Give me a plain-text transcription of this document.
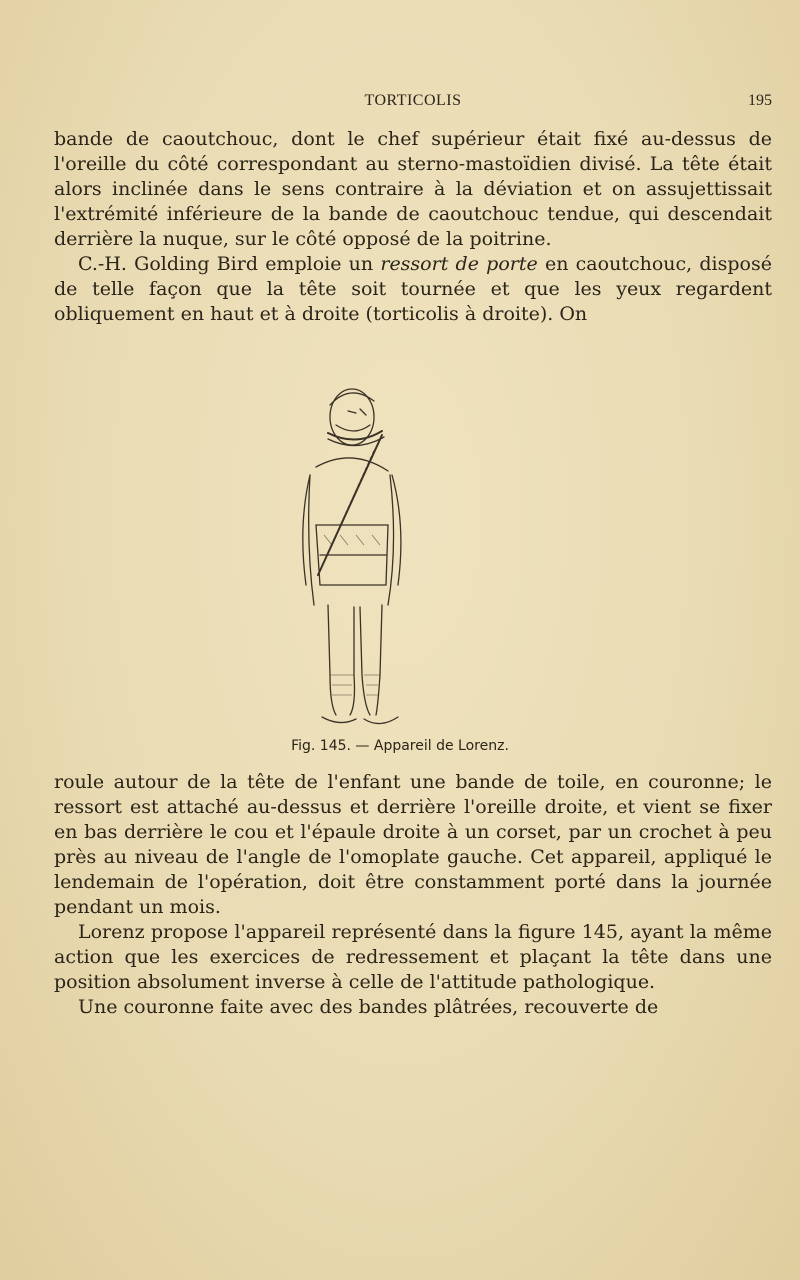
TORTICOLIS	195

bande de caoutchouc, dont le chef supérieur était fixé au-dessus de l'oreille du côté correspondant au sterno-mastoïdien divisé. La tête était alors inclinée dans le sens contraire à la déviation et on assujettissait l'extrémité inférieure de la bande de caoutchouc tendue, qui descendait derrière la nuque, sur le côté opposé de la poitrine.

C.-H. Golding Bird emploie un ressort de porte en caoutchouc, disposé de telle façon que la tête soit tournée et que les yeux regardent obliquement en haut et à droite (torticolis à droite). On

Fig. 145. — Appareil de Lorenz.

roule autour de la tête de l'enfant une bande de toile, en couronne; le ressort est attaché au-dessus et derrière l'oreille droite, et vient se fixer en bas derrière le cou et l'épaule droite à un corset, par un crochet à peu près au niveau de l'angle de l'omoplate gauche. Cet appareil, appliqué le lendemain de l'opération, doit être constamment porté dans la journée pendant un mois.

Lorenz propose l'appareil représenté dans la figure 145, ayant la même action que les exercices de redressement et plaçant la tête dans une position absolument inverse à celle de l'attitude pathologique.

Une couronne faite avec des bandes plâtrées, recouverte de
